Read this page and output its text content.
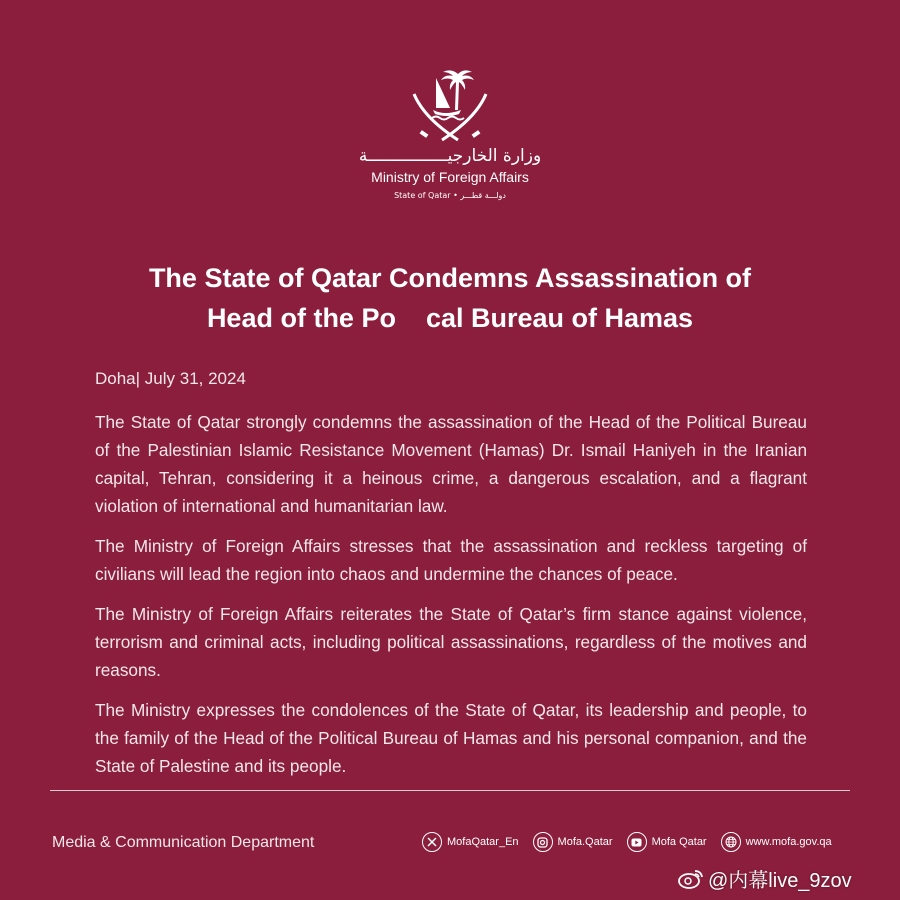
وزارة الخارجيــــــــــــــــة
Ministry of Foreign Affairs
State of Qatar • دولـــة قطـــر
The State of Qatar Condemns Assassination of
Head of the Po    cal Bureau of Hamas
Doha| July 31, 2024

The State of Qatar strongly condemns the assassination of the Head of the Political Bureau of the Palestinian Islamic Resistance Movement (Hamas) Dr. Ismail Haniyeh in the Iranian capital, Tehran, considering it a heinous crime, a dangerous escalation, and a flagrant violation of international and humanitarian law.

The Ministry of Foreign Affairs stresses that the assassination and reckless targeting of civilians will lead the region into chaos and undermine the chances of peace.

The Ministry of Foreign Affairs reiterates the State of Qatar’s firm stance against violence, terrorism and criminal acts, including political assassinations, regardless of the motives and reasons.

The Ministry expresses the condolences of the State of Qatar, its leadership and people, to the family of the Head of the Political Bureau of Hamas and his personal companion, and the State of Palestine and its people.

Media & Communication Department	MofaQatar_En	Mofa.Qatar	Mofa Qatar	www.mofa.gov.qa
@内幕live_9zov
